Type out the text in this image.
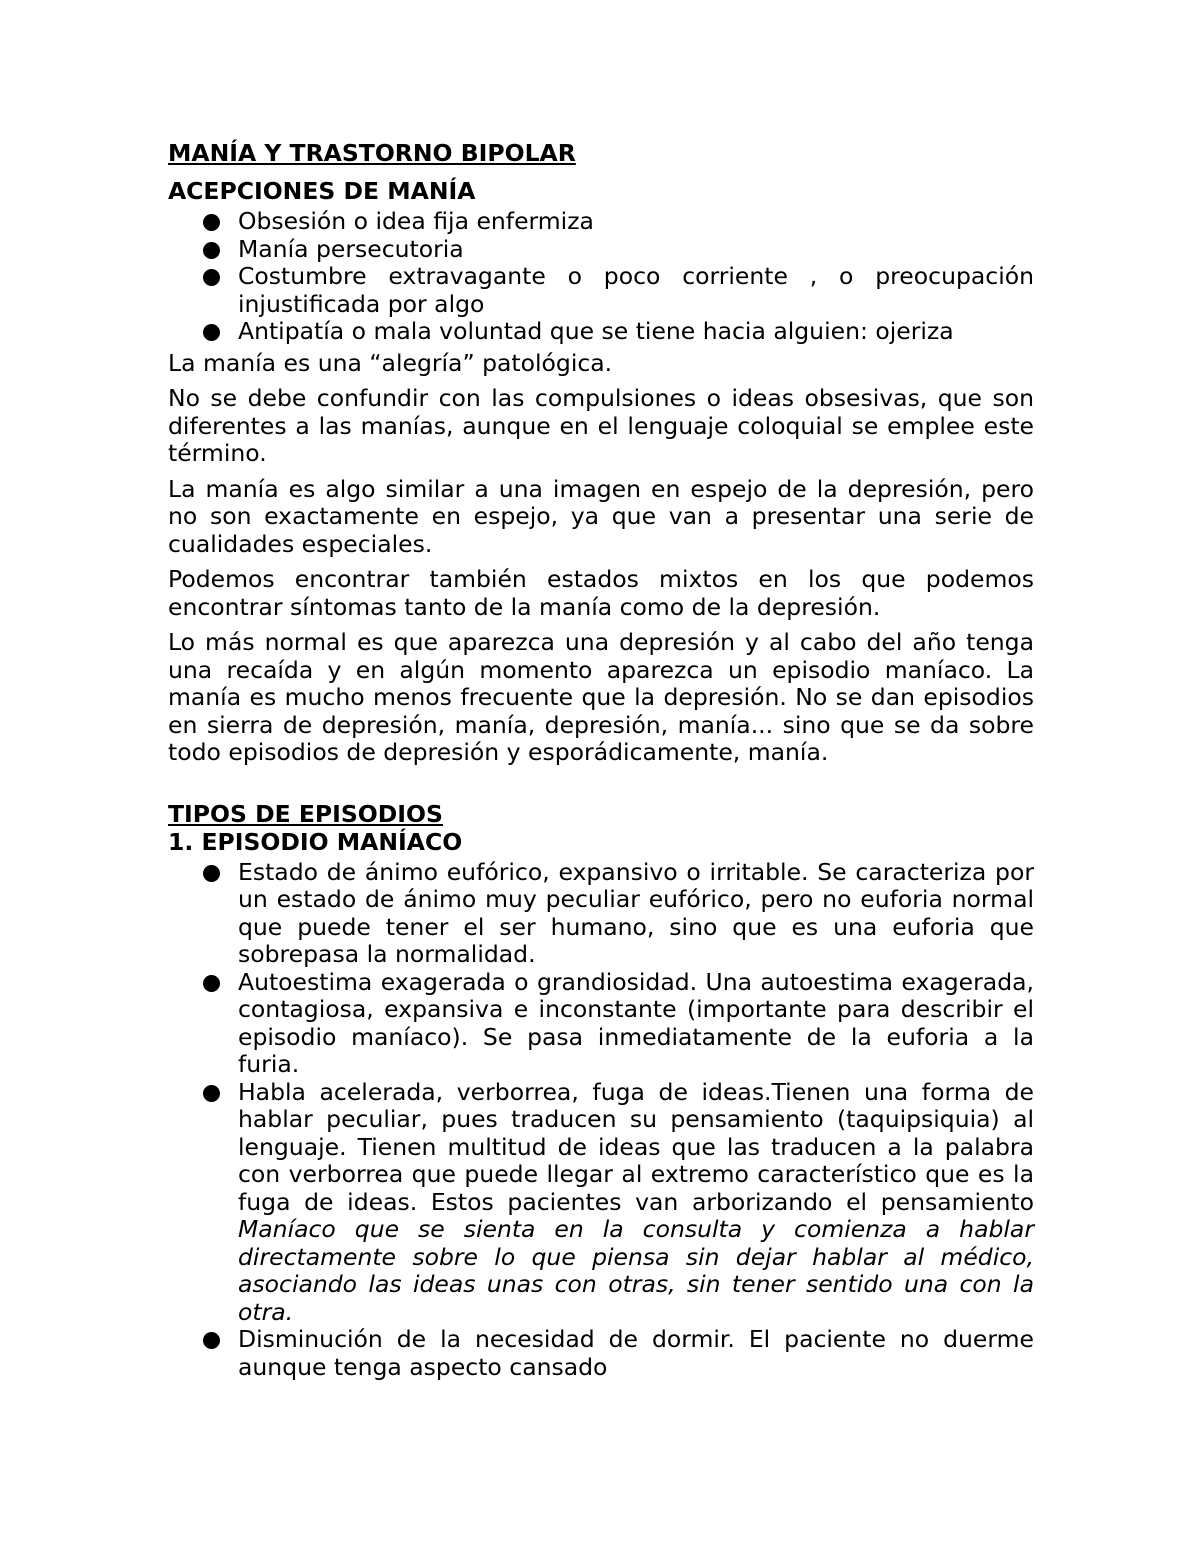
MANÍA Y TRASTORNO BIPOLAR
ACEPCIONES DE MANÍA
Obsesión o idea fija enfermiza
Manía persecutoria
Costumbre extravagante o poco corriente , o preocupación injustificada por algo
Antipatía o mala voluntad que se tiene hacia alguien: ojeriza

La manía es una “alegría” patológica.

No se debe confundir con las compulsiones o ideas obsesivas, que son diferentes a las manías, aunque en el lenguaje coloquial se emplee este término.

La manía es algo similar a una imagen en espejo de la depresión, pero no son exactamente en espejo, ya que van a presentar una serie de cualidades especiales.

Podemos encontrar también estados mixtos en los que podemos encontrar síntomas tanto de la manía como de la depresión.

Lo más normal es que aparezca una depresión y al cabo del año tenga una recaída y en algún momento aparezca un episodio maníaco. La manía es mucho menos frecuente que la depresión. No se dan episodios en sierra de depresión, manía, depresión, manía... sino que se da sobre todo episodios de depresión y esporádicamente, manía.

TIPOS DE EPISODIOS
1. EPISODIO MANÍACO
Estado de ánimo eufórico, expansivo o irritable. Se caracteriza por un estado de ánimo muy peculiar eufórico, pero no euforia normal que puede tener el ser humano, sino que es una euforia que sobrepasa la normalidad.
Autoestima exagerada o grandiosidad. Una autoestima exagerada, contagiosa, expansiva e inconstante (importante para describir el episodio maníaco). Se pasa inmediatamente de la euforia a la furia.
Habla acelerada, verborrea, fuga de ideas.Tienen una forma de hablar peculiar, pues traducen su pensamiento (taquipsiquia) al lenguaje. Tienen multitud de ideas que las traducen a la palabra con verborrea que puede llegar al extremo característico que es la fuga de ideas. Estos pacientes van arborizando el pensamiento Maníaco que se sienta en la consulta y comienza a hablar directamente sobre lo que piensa sin dejar hablar al médico, asociando las ideas unas con otras, sin tener sentido una con la otra.
Disminución de la necesidad de dormir. El paciente no duerme aunque tenga aspecto cansado
